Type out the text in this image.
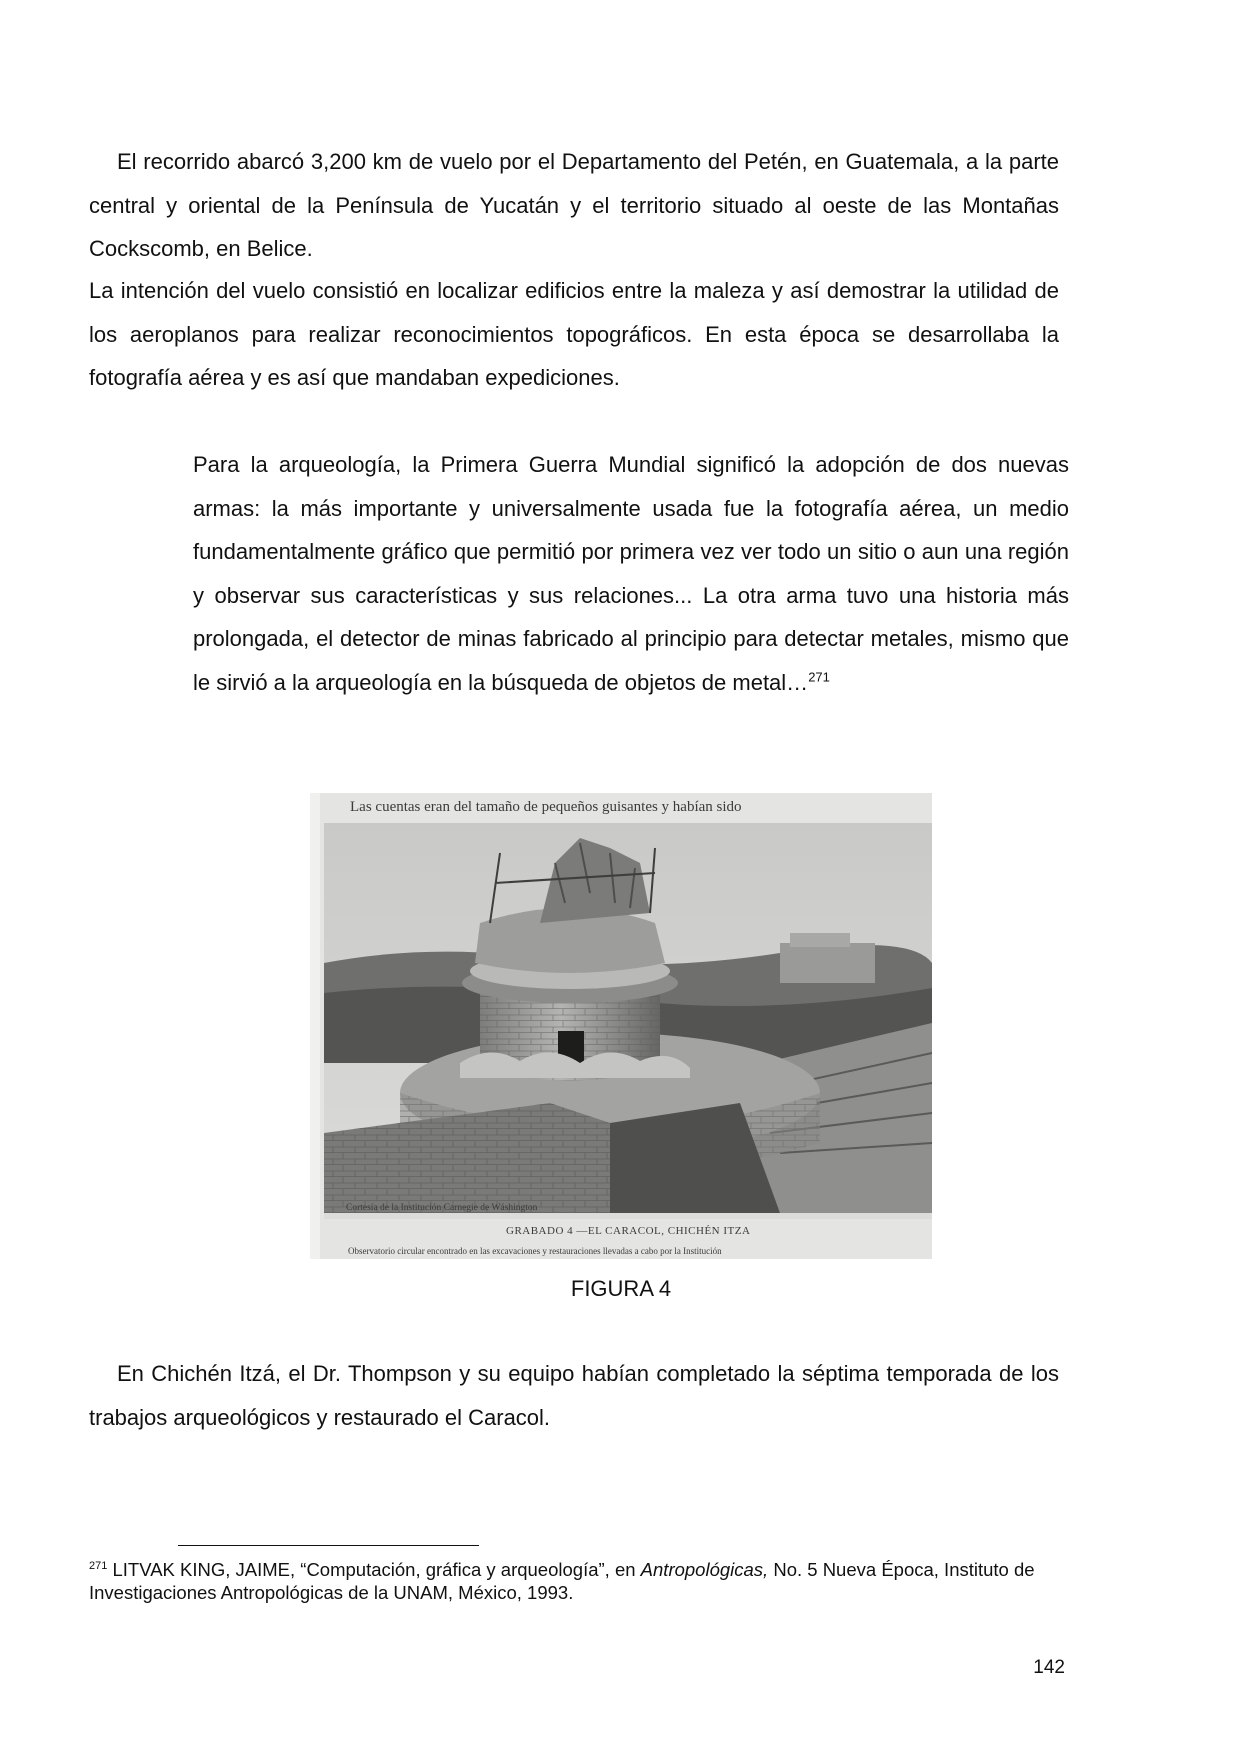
El recorrido abarcó 3,200 km de vuelo por el Departamento del Petén, en Guatemala, a la parte central y oriental de la Península de Yucatán y el territorio situado al oeste de las Montañas Cockscomb, en Belice.

La intención del vuelo consistió en localizar edificios entre la maleza y así demostrar la utilidad de los aeroplanos para realizar reconocimientos topográficos. En esta época se desarrollaba la fotografía aérea y es así que mandaban expediciones.

Para la arqueología, la Primera Guerra Mundial significó la adopción de dos nuevas armas: la más importante y universalmente usada fue la fotografía aérea, un medio fundamentalmente gráfico que permitió por primera vez ver todo un sitio o aun una región y observar sus características y sus relaciones... La otra arma tuvo una historia más prolongada, el detector de minas fabricado al principio para detectar metales, mismo que le sirvió a la arqueología en la búsqueda de objetos de metal…$^{271}$

Las cuentas eran del tamaño de pequeños guisantes y habían sido
Cortesía de la Institución Carnegie de Wáshington
GRABADO 4 —EL CARACOL, CHICHÉN ITZA
Observatorio circular encontrado en las excavaciones y restauraciones llevadas a cabo por la Institución
FIGURA 4

En Chichén Itzá, el Dr. Thompson y su equipo habían completado la séptima temporada de los trabajos arqueológicos y restaurado el Caracol.

$^{271}$ LITVAK KING, JAIME, “Computación, gráfica y arqueología”, en Antropológicas, No. 5 Nueva Época, Instituto de Investigaciones Antropológicas de la UNAM, México, 1993.

142
